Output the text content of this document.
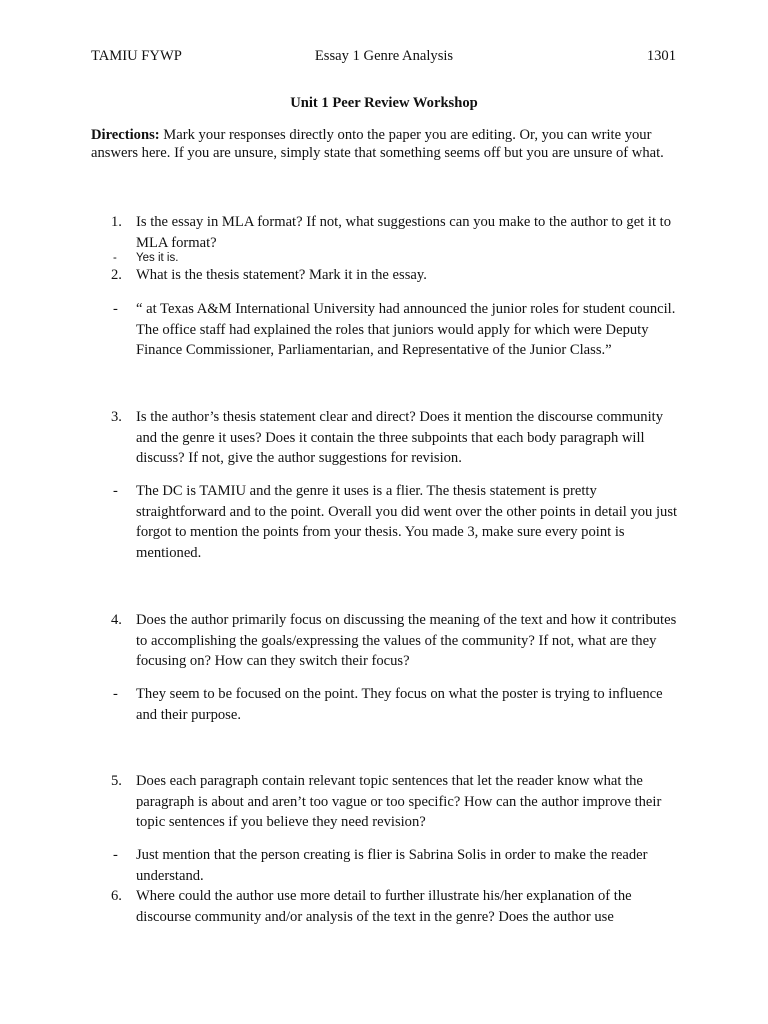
TAMIU FYWP	Essay 1 Genre Analysis	1301
Unit 1 Peer Review Workshop
Directions: Mark your responses directly onto the paper you are editing. Or, you can write your answers here. If you are unsure, simply state that something seems off but you are unsure of what.
1. Is the essay in MLA format? If not, what suggestions can you make to the author to get it to MLA format?
- Yes it is.
2. What is the thesis statement? Mark it in the essay.
- “ at Texas A&M International University had announced the junior roles for student council. The office staff had explained the roles that juniors would apply for which were Deputy Finance Commissioner, Parliamentarian, and Representative of the Junior Class.”
3. Is the author’s thesis statement clear and direct? Does it mention the discourse community and the genre it uses? Does it contain the three subpoints that each body paragraph will discuss? If not, give the author suggestions for revision.
- The DC is TAMIU and the genre it uses is a flier. The thesis statement is pretty straightforward and to the point. Overall you did went over the other points in detail you just forgot to mention the points from your thesis. You made 3, make sure every point is mentioned.
4. Does the author primarily focus on discussing the meaning of the text and how it contributes to accomplishing the goals/expressing the values of the community? If not, what are they focusing on? How can they switch their focus?
- They seem to be focused on the point. They focus on what the poster is trying to influence and their purpose.
5. Does each paragraph contain relevant topic sentences that let the reader know what the paragraph is about and aren’t too vague or too specific? How can the author improve their topic sentences if you believe they need revision?
- Just mention that the person creating is flier is Sabrina Solis in order to make the reader understand.
6. Where could the author use more detail to further illustrate his/her explanation of the discourse community and/or analysis of the text in the genre? Does the author use
